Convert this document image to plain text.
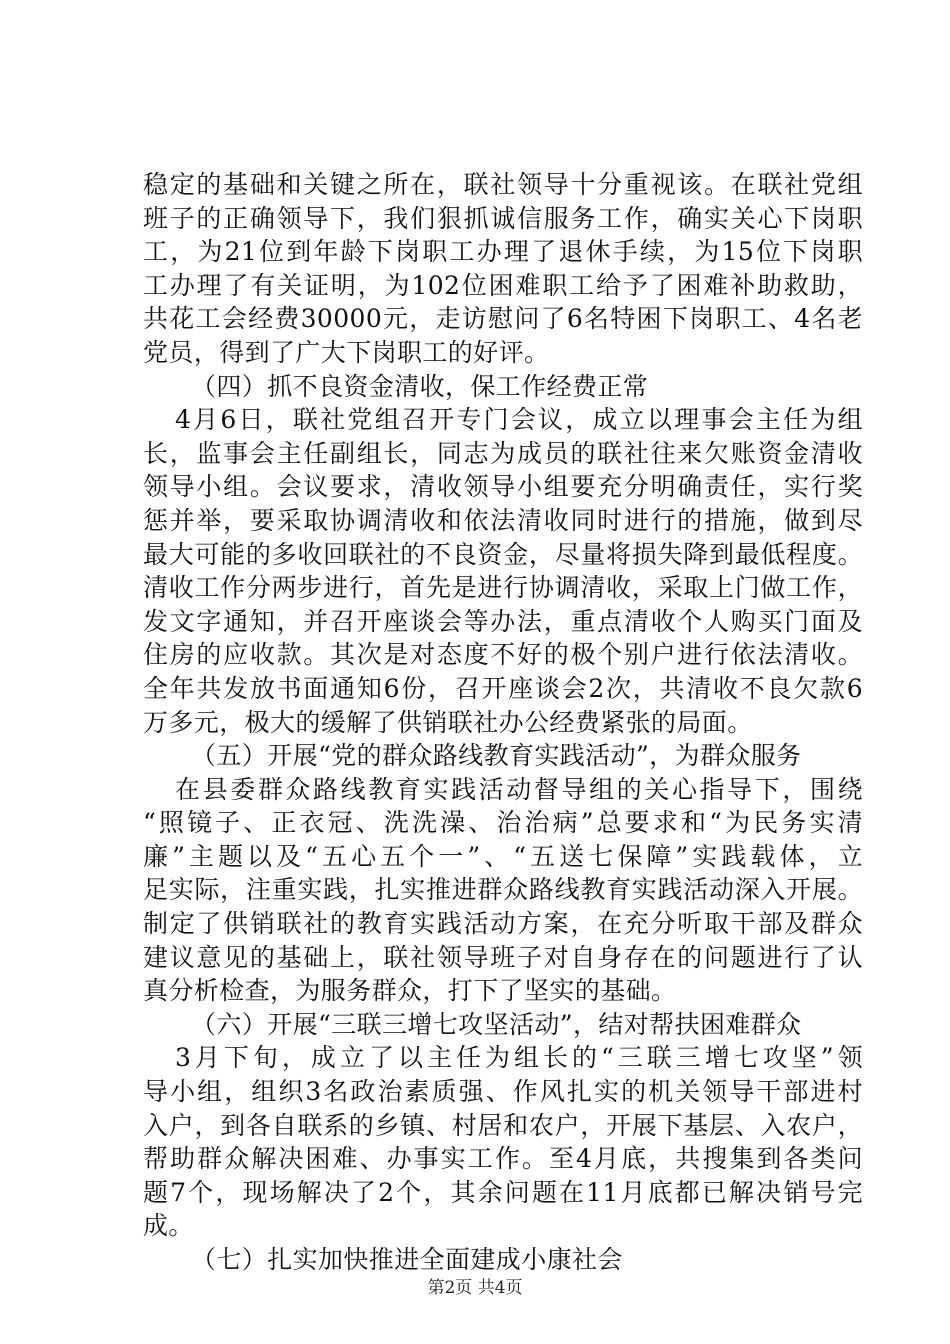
稳定的基础和关键之所在，联社领导十分重视该。在联社党组
班子的正确领导下，我们狠抓诚信服务工作，确实关心下岗职
工，为21位到年龄下岗职工办理了退休手续，为15位下岗职
工办理了有关证明，为102位困难职工给予了困难补助救助，
共花工会经费30000元，走访慰问了6名特困下岗职工、4名老
党员，得到了广大下岗职工的好评。
（四）抓不良资金清收，保工作经费正常
4月6日，联社党组召开专门会议，成立以理事会主任为组
长，监事会主任副组长，同志为成员的联社往来欠账资金清收
领导小组。会议要求，清收领导小组要充分明确责任，实行奖
惩并举，要采取协调清收和依法清收同时进行的措施，做到尽
最大可能的多收回联社的不良资金，尽量将损失降到最低程度。
清收工作分两步进行，首先是进行协调清收，采取上门做工作，
发文字通知，并召开座谈会等办法，重点清收个人购买门面及
住房的应收款。其次是对态度不好的极个别户进行依法清收。
全年共发放书面通知6份，召开座谈会2次，共清收不良欠款6
万多元，极大的缓解了供销联社办公经费紧张的局面。
（五）开展“党的群众路线教育实践活动”，为群众服务
在县委群众路线教育实践活动督导组的关心指导下，围绕
“照镜子、正衣冠、洗洗澡、治治病”总要求和“为民务实清
廉”主题以及“五心五个一”、“五送七保障”实践载体，立
足实际，注重实践，扎实推进群众路线教育实践活动深入开展。
制定了供销联社的教育实践活动方案，在充分听取干部及群众
建议意见的基础上，联社领导班子对自身存在的问题进行了认
真分析检查，为服务群众，打下了坚实的基础。
（六）开展“三联三增七攻坚活动”，结对帮扶困难群众
3月下旬，成立了以主任为组长的“三联三增七攻坚”领
导小组，组织3名政治素质强、作风扎实的机关领导干部进村
入户，到各自联系的乡镇、村居和农户，开展下基层、入农户，
帮助群众解决困难、办事实工作。至4月底，共搜集到各类问
题7个，现场解决了2个，其余问题在11月底都已解决销号完
成。
（七）扎实加快推进全面建成小康社会
第2页 共4页
